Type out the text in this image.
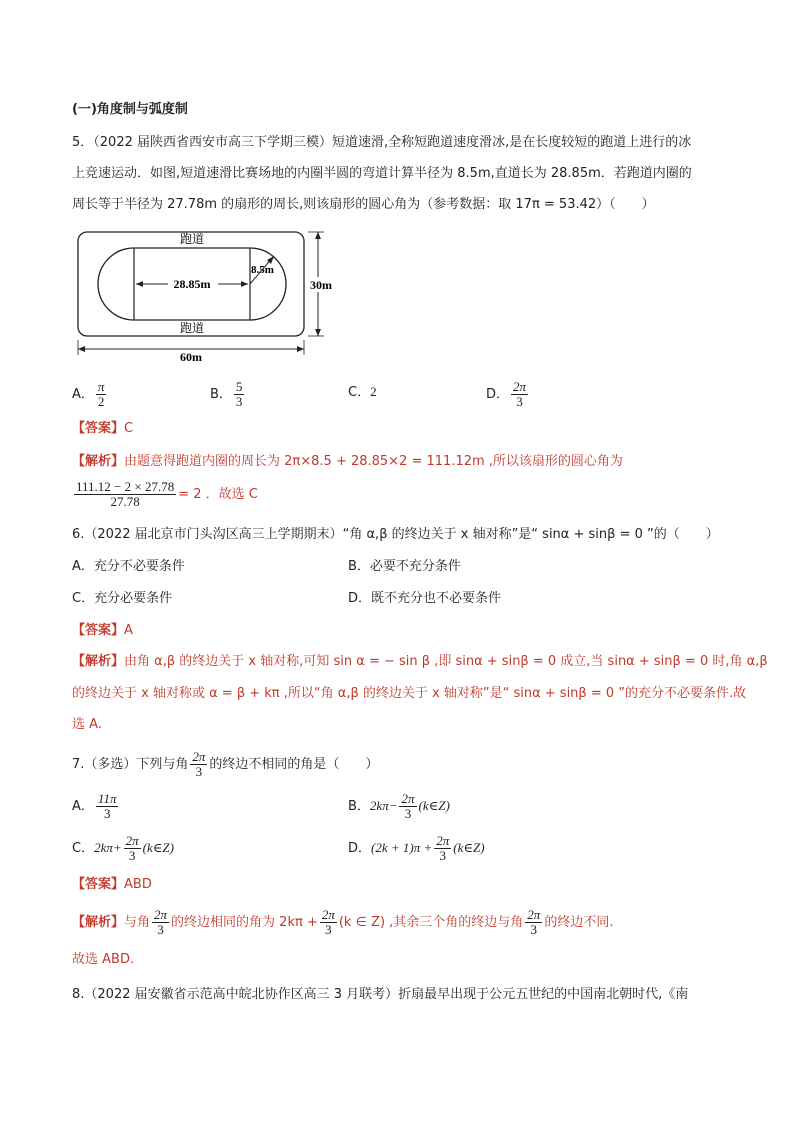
(一)角度制与弧度制
5．（2022 届陕西省西安市高三下学期三模）短道速滑,全称短跑道速度滑冰,是在长度较短的跑道上进行的冰
上竞速运动．如图,短道速滑比赛场地的内圈半圆的弯道计算半径为 8.5m,直道长为 28.85m．若跑道内圈的
周长等于半径为 27.78m 的扇形的周长,则该扇形的圆心角为（参考数据：取 17π = 53.42）（　　）
跑道
跑道
28.85m
8.5m
30m
60m
A． $\frac{\pi}{2}$	B． $\frac{5}{3}$	C．2	D． $\frac{2\pi}{3}$
【答案】C
【解析】由题意得跑道内圈的周长为 2π×8.5 + 28.85×2 = 111.12m ,所以该扇形的圆心角为
$\frac{111.12 - 2 \times 27.78}{27.78} = 2$ ．故选 C
6.（2022 届北京市门头沟区高三上学期期末）“角 α,β 的终边关于 x 轴对称”是“ sinα + sinβ = 0 ”的（　　）
A．充分不必要条件	B．必要不充分条件
C．充分必要条件	D．既不充分也不必要条件
【答案】A
【解析】由角 α,β 的终边关于 x 轴对称,可知 sin α = − sin β ,即 sinα + sinβ = 0 成立,当 sinα + sinβ = 0 时,角 α,β
的终边关于 x 轴对称或 α = β + kπ ,所以“角 α,β 的终边关于 x 轴对称”是“ sinα + sinβ = 0 ”的充分不必要条件.故
选 A.
7.（多选）下列与角 $\frac{2\pi}{3}$ 的终边不相同的角是（　　）
A． $\frac{11\pi}{3}$	B．$2k\pi- \frac{2\pi}{3}$ (k∈Z)
C．$2k\pi+ \frac{2\pi}{3}$ (k∈Z)	D．$(2k + 1)\pi + \frac{2\pi}{3}$ (k∈Z)
【答案】ABD
【解析】与角 $\frac{2\pi}{3}$ 的终边相同的角为 $2k\pi + \frac{2\pi}{3} (k$ ∈ Z) ,其余三个角的终边与角 $\frac{2\pi}{3}$ 的终边不同.
故选 ABD.
8.（2022 届安徽省示范高中皖北协作区高三 3 月联考）折扇最早出现于公元五世纪的中国南北朝时代,《南
